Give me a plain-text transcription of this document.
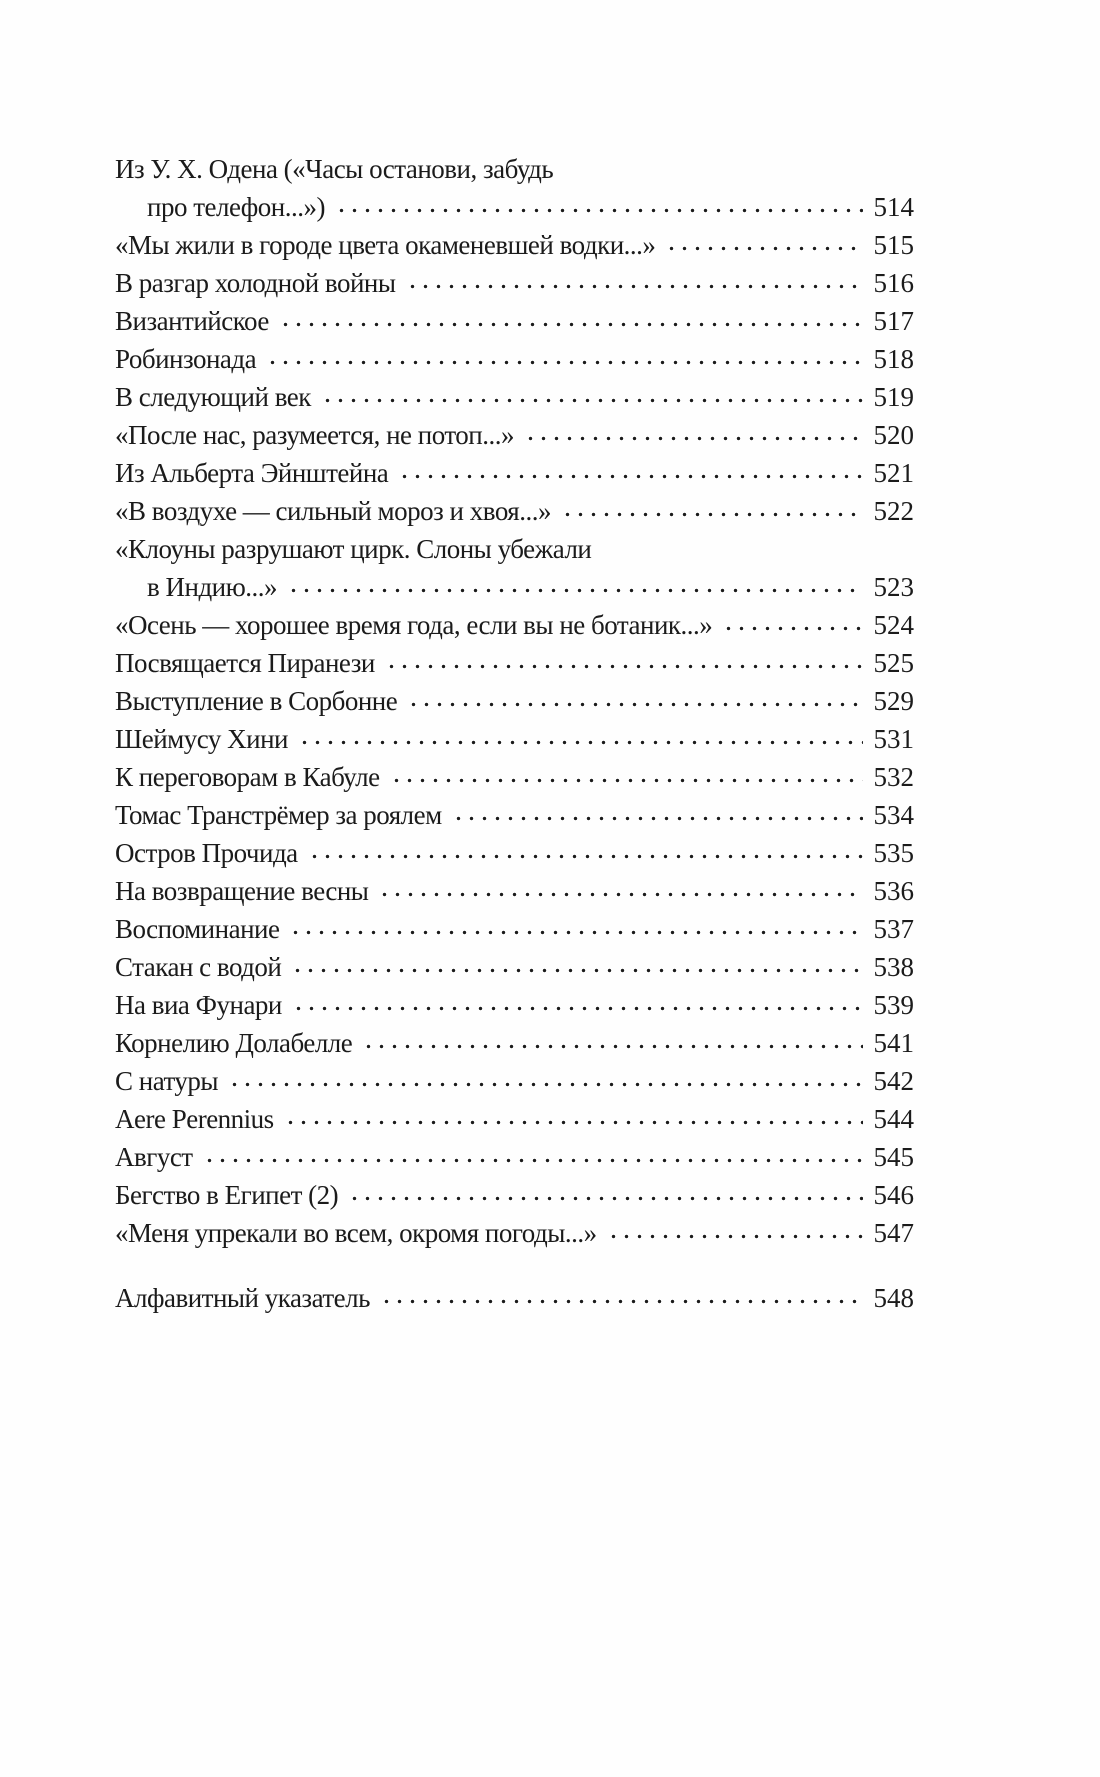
Из У. Х. Одена («Часы останови, забудь
про телефон...»)	514
«Мы жили в городе цвета окаменевшей водки...»	515
В разгар холодной войны	516
Византийское	517
Робинзонада	518
В следующий век	519
«После нас, разумеется, не потоп...»	520
Из Альберта Эйнштейна	521
«В воздухе — сильный мороз и хвоя...»	522
«Клоуны разрушают цирк. Слоны убежали
в Индию...»	523
«Осень — хорошее время года, если вы не ботаник...»	524
Посвящается Пиранези	525
Выступление в Сорбонне	529
Шеймусу Хини	531
К переговорам в Кабуле	532
Томас Транстрёмер за роялем	534
Остров Прочида	535
На возвращение весны	536
Воспоминание	537
Стакан с водой	538
На виа Фунари	539
Корнелию Долабелле	541
С натуры	542
Aere Perennius	544
Август	545
Бегство в Египет (2)	546
«Меня упрекали во всем, окромя погоды...»	547
Алфавитный указатель	548
